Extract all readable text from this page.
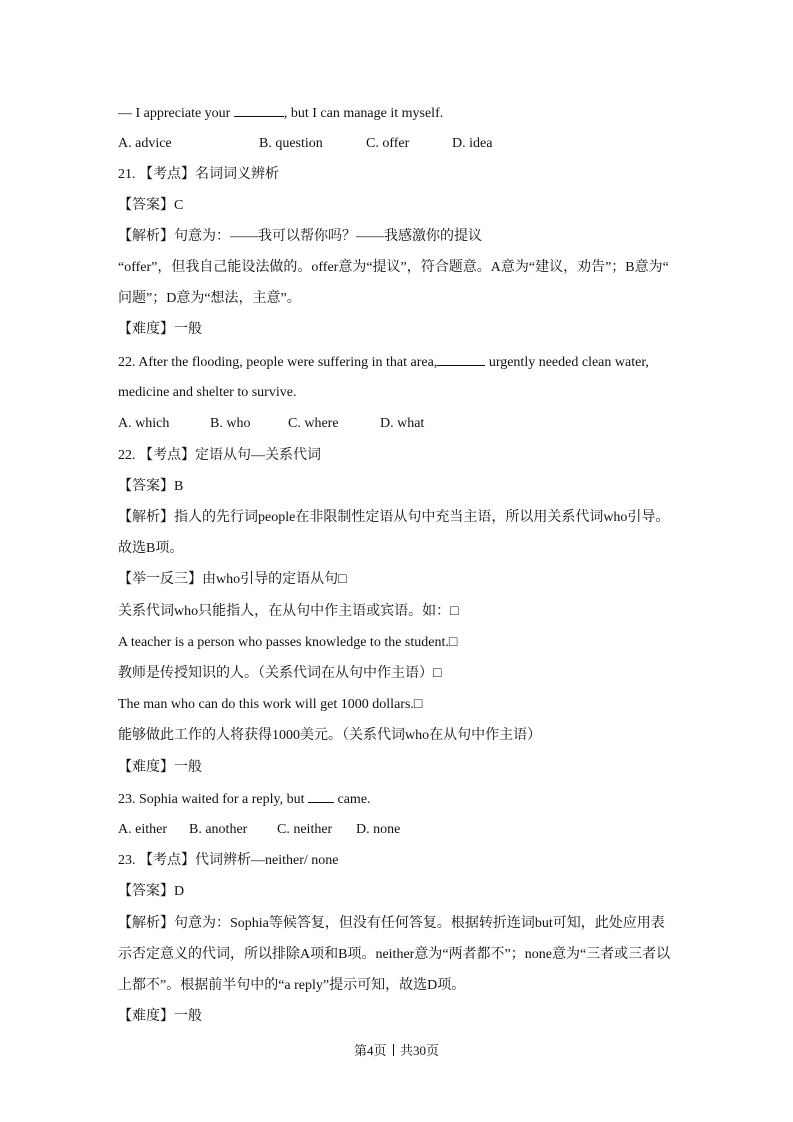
— I appreciate your	, but I can manage it myself.
A. advice	B. question	C. offer	D. idea
21. 【考点】名词词义辨析
【答案】C
【解析】句意为：——我可以帮你吗？——我感激你的提议
“offer”，但我自己能设法做的。offer意为“提议”，符合题意。A意为“建议，劝告”；B意为“
问题”；D意为“想法，主意”。
【难度】一般
22. After the flooding, people were suffering in that area,	urgently needed clean water,
medicine and shelter to survive.
A. which	B. who	C. where	D. what
22. 【考点】定语从句—关系代词
【答案】B
【解析】指人的先行词people在非限制性定语从句中充当主语，所以用关系代词who引导。
故选B项。
【举一反三】由who引导的定语从句□
关系代词who只能指人，在从句中作主语或宾语。如：□
A teacher is a person who passes knowledge to the student.□
教师是传授知识的人。（关系代词在从句中作主语）□
The man who can do this work will get 1000 dollars.□
能够做此工作的人将获得1000美元。（关系代词who在从句中作主语）
【难度】一般
23. Sophia waited for a reply, but  came.
A. either B. another C. neither D. none
23. 【考点】代词辨析—neither/ none
【答案】D
【解析】句意为：Sophia等候答复，但没有任何答复。根据转折连词but可知，此处应用表
示否定意义的代词，所以排除A项和B项。neither意为“两者都不”；none意为“三者或三者以
上都不”。根据前半句中的“a reply”提示可知，故选D项。
【难度】一般
第4页 共30页
